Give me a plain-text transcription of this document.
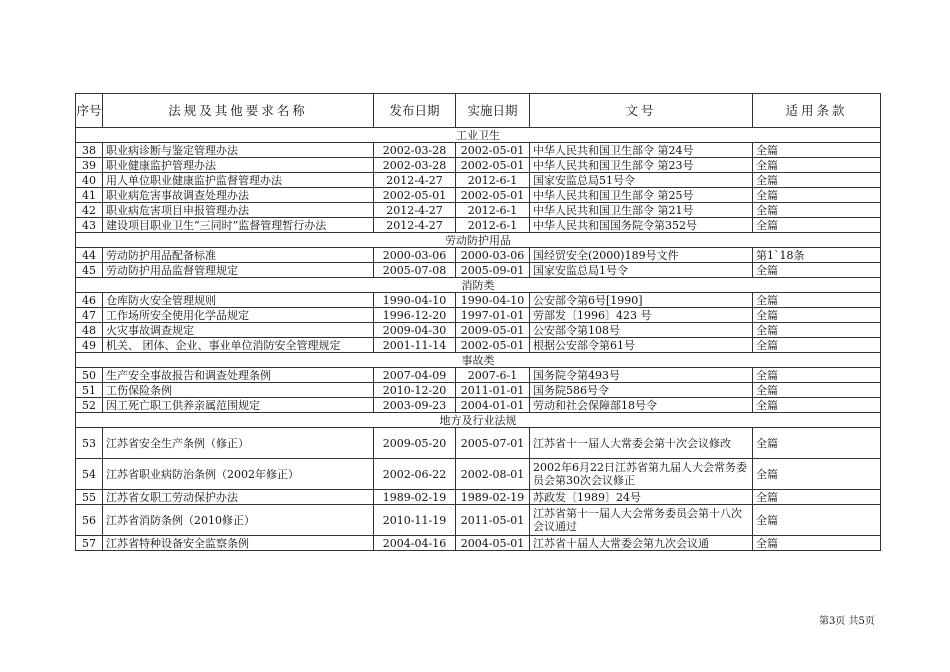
序号	法规及其他要求名称	发布日期	实施日期	文号	适用条款
工业卫生					
38	职业病诊断与鉴定管理办法	2002-03-28	2002-05-01	中华人民共和国卫生部令 第24号	全篇
39	职业健康监护管理办法	2002-03-28	2002-05-01	中华人民共和国卫生部令 第23号	全篇
40	用人单位职业健康监护监督管理办法	2012-4-27	2012-6-1	国家安监总局51号令	全篇
41	职业病危害事故调查处理办法	2002-05-01	2002-05-01	中华人民共和国卫生部令 第25号	全篇
42	职业病危害项目申报管理办法	2012-4-27	2012-6-1	中华人民共和国卫生部令 第21号	全篇
43	建设项目职业卫生“三同时”监督管理暂行办法	2012-4-27	2012-6-1	中华人民共和国国务院令第352号	全篇
劳动防护用品					
44	劳动防护用品配备标准	2000-03-06	2000-03-06	国经贸安全(2000)189号文件	第1`18条
45	劳动防护用品监督管理规定	2005-07-08	2005-09-01	国家安监总局1号令	全篇
消防类					
46	仓库防火安全管理规则	1990-04-10	1990-04-10	公安部令第6号[1990]	全篇
47	工作场所安全使用化学品规定	1996-12-20	1997-01-01	劳部发〔1996〕423 号	全篇
48	火灾事故调查规定	2009-04-30	2009-05-01	公安部令第108号	全篇
49	机关、 团体、企业、事业单位消防安全管理规定	2001-11-14	2002-05-01	根据公安部令第61号	全篇
事故类					
50	生产安全事故报告和调查处理条例	2007-04-09	2007-6-1	国务院令第493号	全篇
51	工伤保险条例	2010-12-20	2011-01-01	国务院586号令	全篇
52	因工死亡职工供养亲属范围规定	2003-09-23	2004-01-01	劳动和社会保障部18号令	全篇
地方及行业法规					
53	江苏省安全生产条例（修正）	2009-05-20	2005-07-01	江苏省十一届人大常委会第十次会议修改	全篇
54	江苏省职业病防治条例（2002年修正）	2002-06-22	2002-08-01	2002年6月22日江苏省第九届人大会常务委员会第30次会议修正	全篇
55	江苏省女职工劳动保护办法	1989-02-19	1989-02-19	苏政发〔1989〕24号	全篇
56	江苏省消防条例（2010修正）	2010-11-19	2011-05-01	江苏省第十一届人大会常务委员会第十八次会议通过	全篇
57	江苏省特种设备安全监察条例	2004-04-16	2004-05-01	江苏省十届人大常委会第九次会议通	全篇
第3页 共5页
